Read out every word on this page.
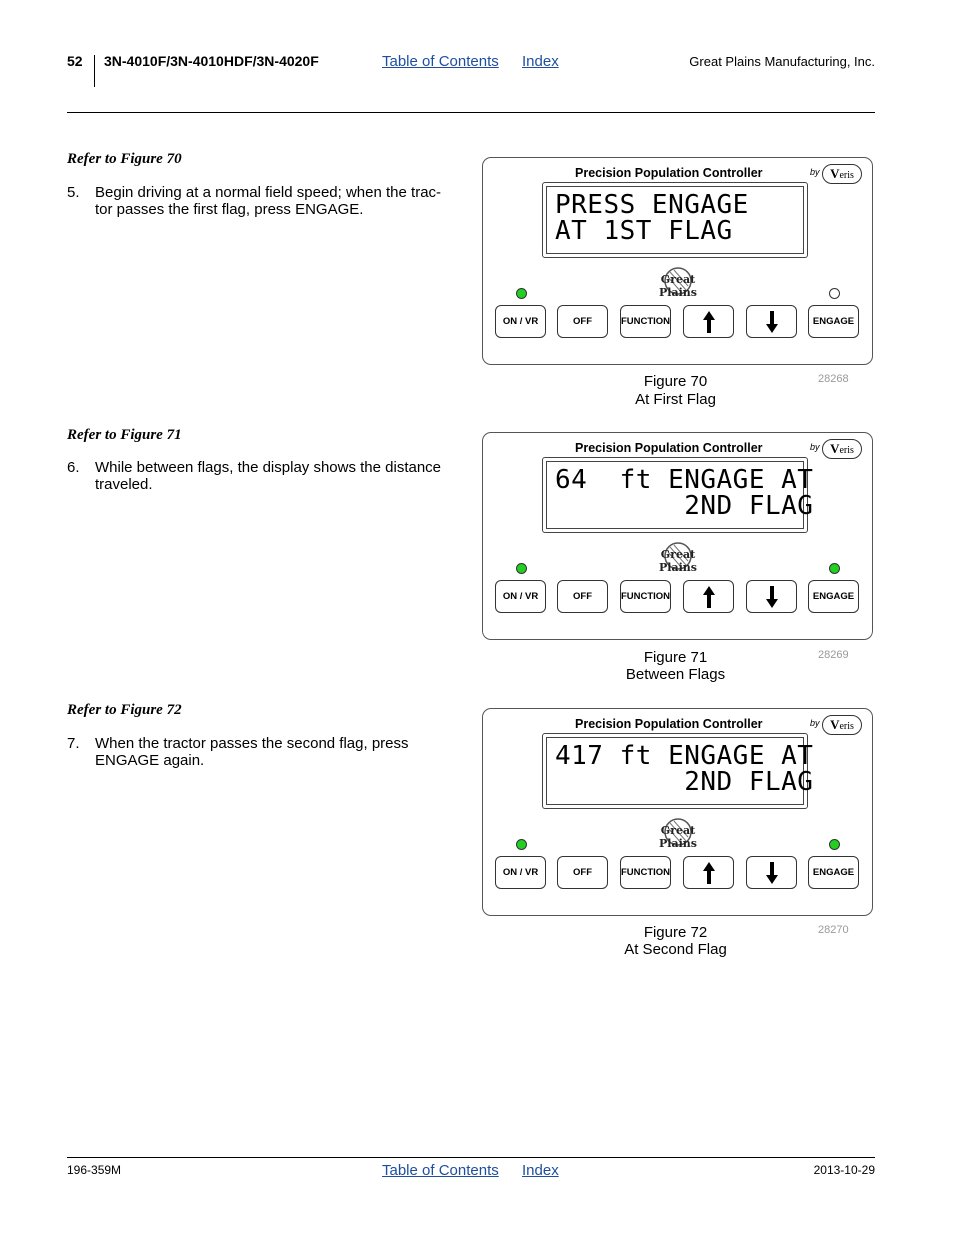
52 3N-4010F/3N-4010HDF/3N-4020F	Table of Contents Index	Great Plains Manufacturing, Inc.
Refer to Figure 70
5.	Begin driving at a normal field speed; when the trac-
tor passes the first flag, press ENGAGE.
Precision Population Controller	by Veris
PRESS ENGAGE
AT 1ST FLAG
Great Plains
ON / VR	OFF	FUNCTION	ENGAGE
Figure 70
At First Flag
28268
Refer to Figure 71
6.	While between flags, the display shows the distance
traveled.
Precision Population Controller	by Veris
64  ft ENGAGE AT
2ND FLAG
Great Plains
ON / VR	OFF	FUNCTION	ENGAGE
Figure 71
Between Flags
28269
Refer to Figure 72
7.	When the tractor passes the second flag, press
ENGAGE again.
Precision Population Controller	by Veris
417 ft ENGAGE AT
2ND FLAG
Great Plains
ON / VR	OFF	FUNCTION	ENGAGE
Figure 72
At Second Flag
28270
196-359M	Table of Contents Index	2013-10-29
